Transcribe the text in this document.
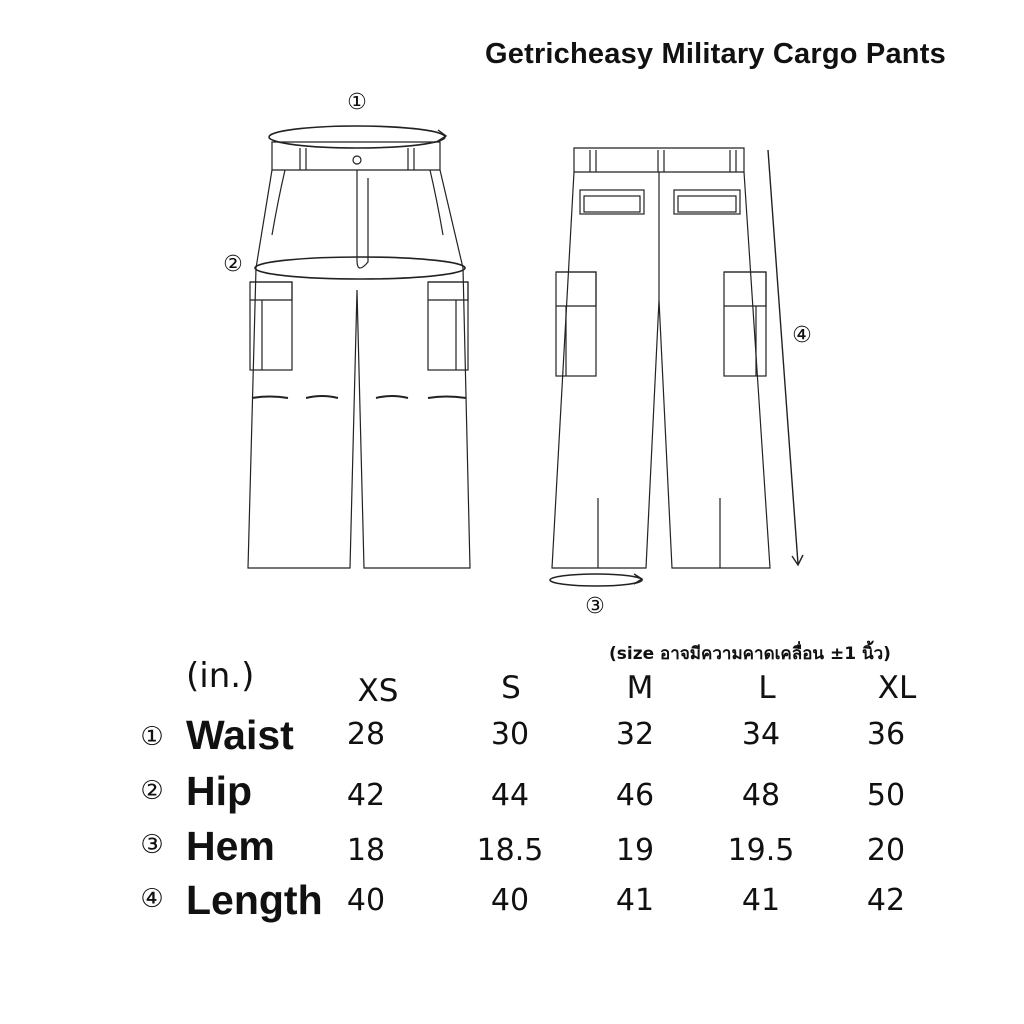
Getricheasy Military Cargo Pants
①
②
③
④
(size อาจมีความคาดเคลื่อน ±1 นิ้ว)
(in.)	XS	S	M	L	XL
① Waist	28	30	32	34	36
② Hip	42	44	46	48	50
③ Hem	18	18.5	19	19.5	20
④ Length 40	40	41	41	42
